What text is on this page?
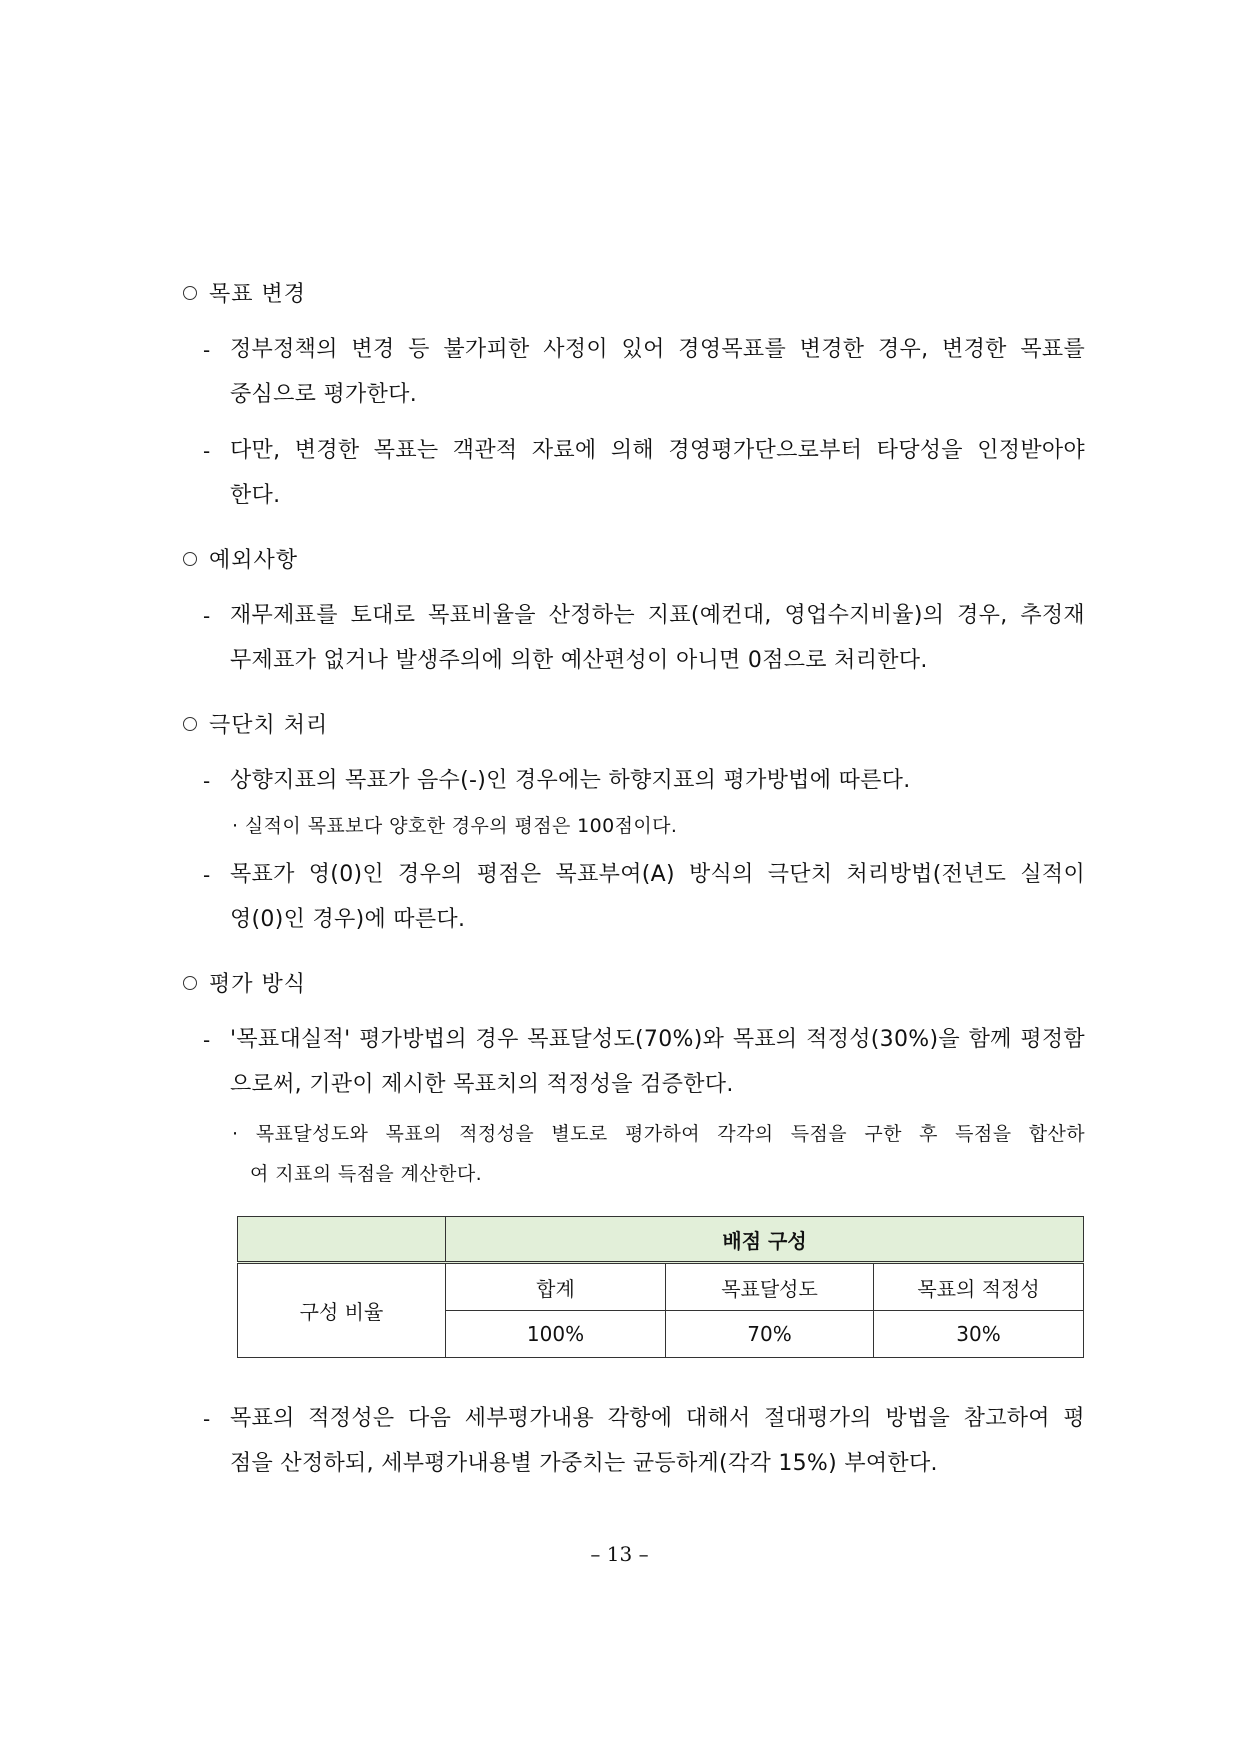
목표 변경
- 정부정책의 변경 등 불가피한 사정이 있어 경영목표를 변경한 경우, 변경한 목표를
중심으로 평가한다.
- 다만, 변경한 목표는 객관적 자료에 의해 경영평가단으로부터 타당성을 인정받아야
한다.
예외사항
- 재무제표를 토대로 목표비율을 산정하는 지표(예컨대, 영업수지비율)의 경우, 추정재
무제표가 없거나 발생주의에 의한 예산편성이 아니면 0점으로 처리한다.
극단치 처리
- 상향지표의 목표가 음수(-)인 경우에는 하향지표의 평가방법에 따른다.
· 실적이 목표보다 양호한 경우의 평점은 100점이다.
- 목표가 영(0)인 경우의 평점은 목표부여(A) 방식의 극단치 처리방법(전년도 실적이
영(0)인 경우)에 따른다.
평가 방식
- '목표대실적' 평가방법의 경우 목표달성도(70%)와 목표의 적정성(30%)을 함께 평정함
으로써, 기관이 제시한 목표치의 적정성을 검증한다.
· 목표달성도와 목표의 적정성을 별도로 평가하여 각각의 득점을 구한 후 득점을 합산하
여 지표의 득점을 계산한다.
	배점 구성		
구성 비율	합계	목표달성도	목표의 적정성
	100%	70%	30%
- 목표의 적정성은 다음 세부평가내용 각항에 대해서 절대평가의 방법을 참고하여 평
점을 산정하되, 세부평가내용별 가중치는 균등하게(각각 15%) 부여한다.
– 13 –
